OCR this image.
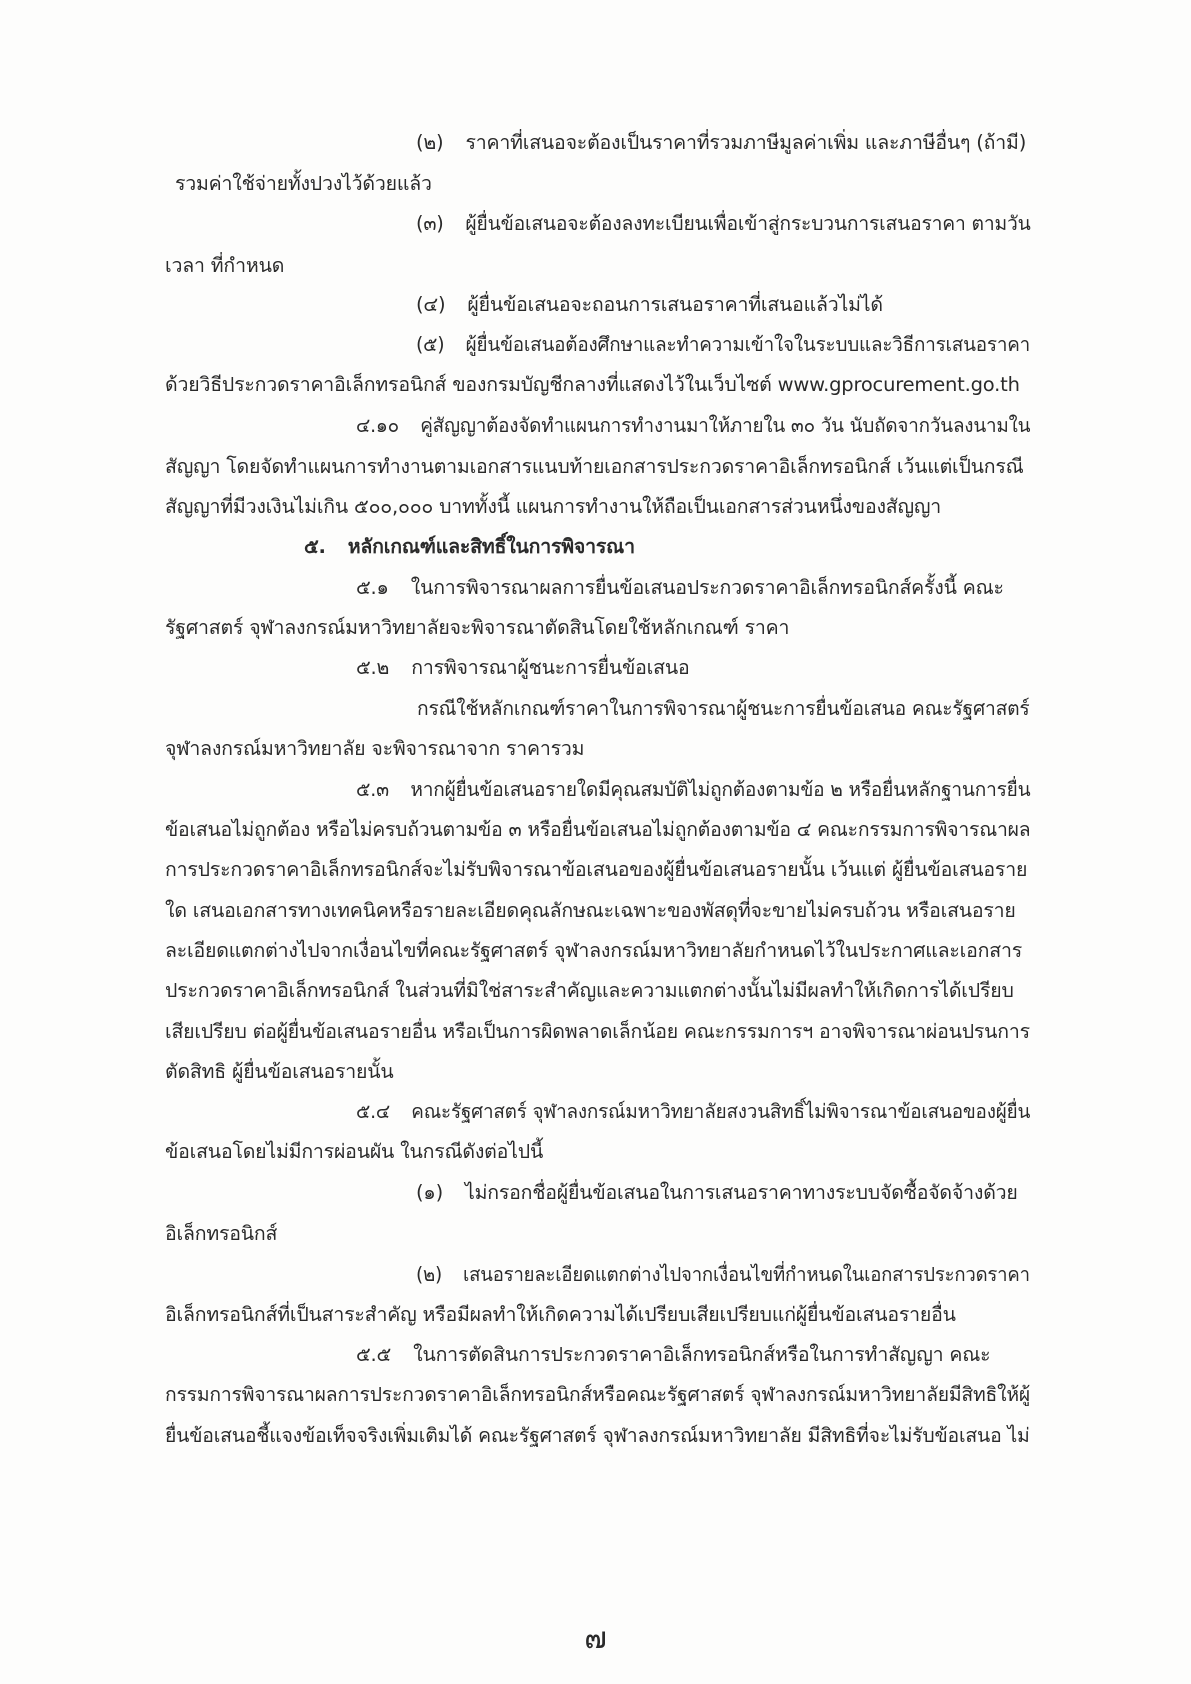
(๒) ราคาที่เสนอจะต้องเป็นราคาที่รวมภาษีมูลค่าเพิ่ม และภาษีอื่นๆ (ถ้ามี)
รวมค่าใช้จ่ายทั้งปวงไว้ด้วยแล้ว
(๓) ผู้ยื่นข้อเสนอจะต้องลงทะเบียนเพื่อเข้าสู่กระบวนการเสนอราคา ตามวัน
เวลา ที่กำหนด
(๔) ผู้ยื่นข้อเสนอจะถอนการเสนอราคาที่เสนอแล้วไม่ได้
(๕) ผู้ยื่นข้อเสนอต้องศึกษาและทำความเข้าใจในระบบและวิธีการเสนอราคา
ด้วยวิธีประกวดราคาอิเล็กทรอนิกส์ ของกรมบัญชีกลางที่แสดงไว้ในเว็บไซต์ www.gprocurement.go.th
๔.๑๐ คู่สัญญาต้องจัดทำแผนการทำงานมาให้ภายใน ๓๐ วัน นับถัดจากวันลงนามใน
สัญญา โดยจัดทำแผนการทำงานตามเอกสารแนบท้ายเอกสารประกวดราคาอิเล็กทรอนิกส์ เว้นแต่เป็นกรณี
สัญญาที่มีวงเงินไม่เกิน ๕๐๐,๐๐๐ บาททั้งนี้ แผนการทำงานให้ถือเป็นเอกสารส่วนหนึ่งของสัญญา
๕. หลักเกณฑ์และสิทธิ์ในการพิจารณา
๕.๑ ในการพิจารณาผลการยื่นข้อเสนอประกวดราคาอิเล็กทรอนิกส์ครั้งนี้ คณะ
รัฐศาสตร์ จุฬาลงกรณ์มหาวิทยาลัยจะพิจารณาตัดสินโดยใช้หลักเกณฑ์ ราคา
๕.๒ การพิจารณาผู้ชนะการยื่นข้อเสนอ
กรณีใช้หลักเกณฑ์ราคาในการพิจารณาผู้ชนะการยื่นข้อเสนอ คณะรัฐศาสตร์
จุฬาลงกรณ์มหาวิทยาลัย จะพิจารณาจาก ราคารวม
๕.๓ หากผู้ยื่นข้อเสนอรายใดมีคุณสมบัติไม่ถูกต้องตามข้อ ๒ หรือยื่นหลักฐานการยื่น
ข้อเสนอไม่ถูกต้อง หรือไม่ครบถ้วนตามข้อ ๓ หรือยื่นข้อเสนอไม่ถูกต้องตามข้อ ๔ คณะกรรมการพิจารณาผล
การประกวดราคาอิเล็กทรอนิกส์จะไม่รับพิจารณาข้อเสนอของผู้ยื่นข้อเสนอรายนั้น เว้นแต่ ผู้ยื่นข้อเสนอราย
ใด เสนอเอกสารทางเทคนิคหรือรายละเอียดคุณลักษณะเฉพาะของพัสดุที่จะขายไม่ครบถ้วน หรือเสนอราย
ละเอียดแตกต่างไปจากเงื่อนไขที่คณะรัฐศาสตร์ จุฬาลงกรณ์มหาวิทยาลัยกำหนดไว้ในประกาศและเอกสาร
ประกวดราคาอิเล็กทรอนิกส์ ในส่วนที่มิใช่สาระสำคัญและความแตกต่างนั้นไม่มีผลทำให้เกิดการได้เปรียบ
เสียเปรียบ ต่อผู้ยื่นข้อเสนอรายอื่น หรือเป็นการผิดพลาดเล็กน้อย คณะกรรมการฯ อาจพิจารณาผ่อนปรนการ
ตัดสิทธิ ผู้ยื่นข้อเสนอรายนั้น
๕.๔ คณะรัฐศาสตร์ จุฬาลงกรณ์มหาวิทยาลัยสงวนสิทธิ์ไม่พิจารณาข้อเสนอของผู้ยื่น
ข้อเสนอโดยไม่มีการผ่อนผัน ในกรณีดังต่อไปนี้
(๑) ไม่กรอกชื่อผู้ยื่นข้อเสนอในการเสนอราคาทางระบบจัดซื้อจัดจ้างด้วย
อิเล็กทรอนิกส์
(๒) เสนอรายละเอียดแตกต่างไปจากเงื่อนไขที่กำหนดในเอกสารประกวดราคา
อิเล็กทรอนิกส์ที่เป็นสาระสำคัญ หรือมีผลทำให้เกิดความได้เปรียบเสียเปรียบแก่ผู้ยื่นข้อเสนอรายอื่น
๕.๕ ในการตัดสินการประกวดราคาอิเล็กทรอนิกส์หรือในการทำสัญญา คณะ
กรรมการพิจารณาผลการประกวดราคาอิเล็กทรอนิกส์หรือคณะรัฐศาสตร์ จุฬาลงกรณ์มหาวิทยาลัยมีสิทธิให้ผู้
ยื่นข้อเสนอชี้แจงข้อเท็จจริงเพิ่มเติมได้ คณะรัฐศาสตร์ จุฬาลงกรณ์มหาวิทยาลัย มีสิทธิที่จะไม่รับข้อเสนอ ไม่
๗
